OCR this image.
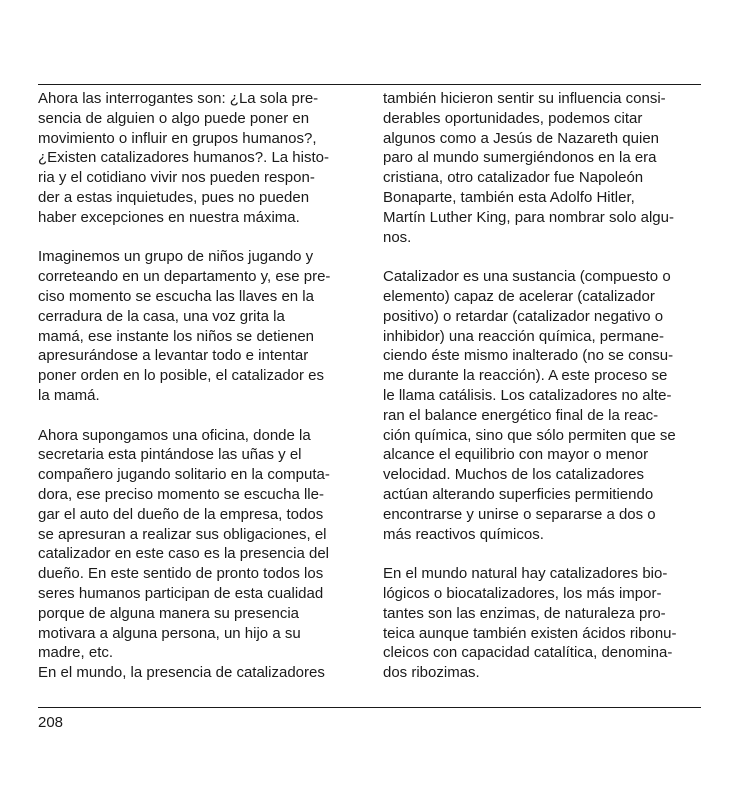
Ahora las interrogantes son: ¿La sola pre-
sencia de alguien o algo puede poner en
movimiento o influir en grupos humanos?,
¿Existen catalizadores humanos?. La histo-
ria y el cotidiano vivir nos pueden respon-
der a estas inquietudes, pues no pueden
haber excepciones en nuestra máxima.
Imaginemos un grupo de niños jugando y
correteando en un departamento y, ese pre-
ciso momento se escucha las llaves en la
cerradura de la casa, una voz grita la
mamá, ese instante los niños se detienen
apresurándose a levantar todo e intentar
poner orden en lo posible, el catalizador es
la mamá.
Ahora supongamos una oficina, donde la
secretaria esta pintándose las uñas y el
compañero jugando solitario en la computa-
dora, ese preciso momento se escucha lle-
gar el auto del dueño de la empresa, todos
se apresuran a realizar sus obligaciones, el
catalizador en este caso es la presencia del
dueño. En este sentido de pronto todos los
seres humanos participan de esta cualidad
porque de alguna manera su presencia
motivara a alguna persona, un hijo a su
madre, etc.
En el mundo, la presencia de catalizadores
también hicieron sentir su influencia consi-
derables oportunidades, podemos citar
algunos como a Jesús de Nazareth quien
paro al mundo sumergiéndonos en la era
cristiana, otro catalizador fue Napoleón
Bonaparte, también esta Adolfo Hitler,
Martín Luther King, para nombrar solo algu-
nos.
Catalizador es una sustancia (compuesto o
elemento) capaz de acelerar (catalizador
positivo) o retardar (catalizador negativo o
inhibidor) una reacción química, permane-
ciendo éste mismo inalterado (no se consu-
me durante la reacción). A este proceso se
le llama catálisis. Los catalizadores no alte-
ran el balance energético final de la reac-
ción química, sino que sólo permiten que se
alcance el equilibrio con mayor o menor
velocidad. Muchos de los catalizadores
actúan alterando superficies permitiendo
encontrarse y unirse o separarse a dos o
más reactivos químicos.
En el mundo natural hay catalizadores bio-
lógicos o biocatalizadores, los más impor-
tantes son las enzimas, de naturaleza pro-
teica aunque también existen ácidos ribonu-
cleicos con capacidad catalítica, denomina-
dos ribozimas.
208
